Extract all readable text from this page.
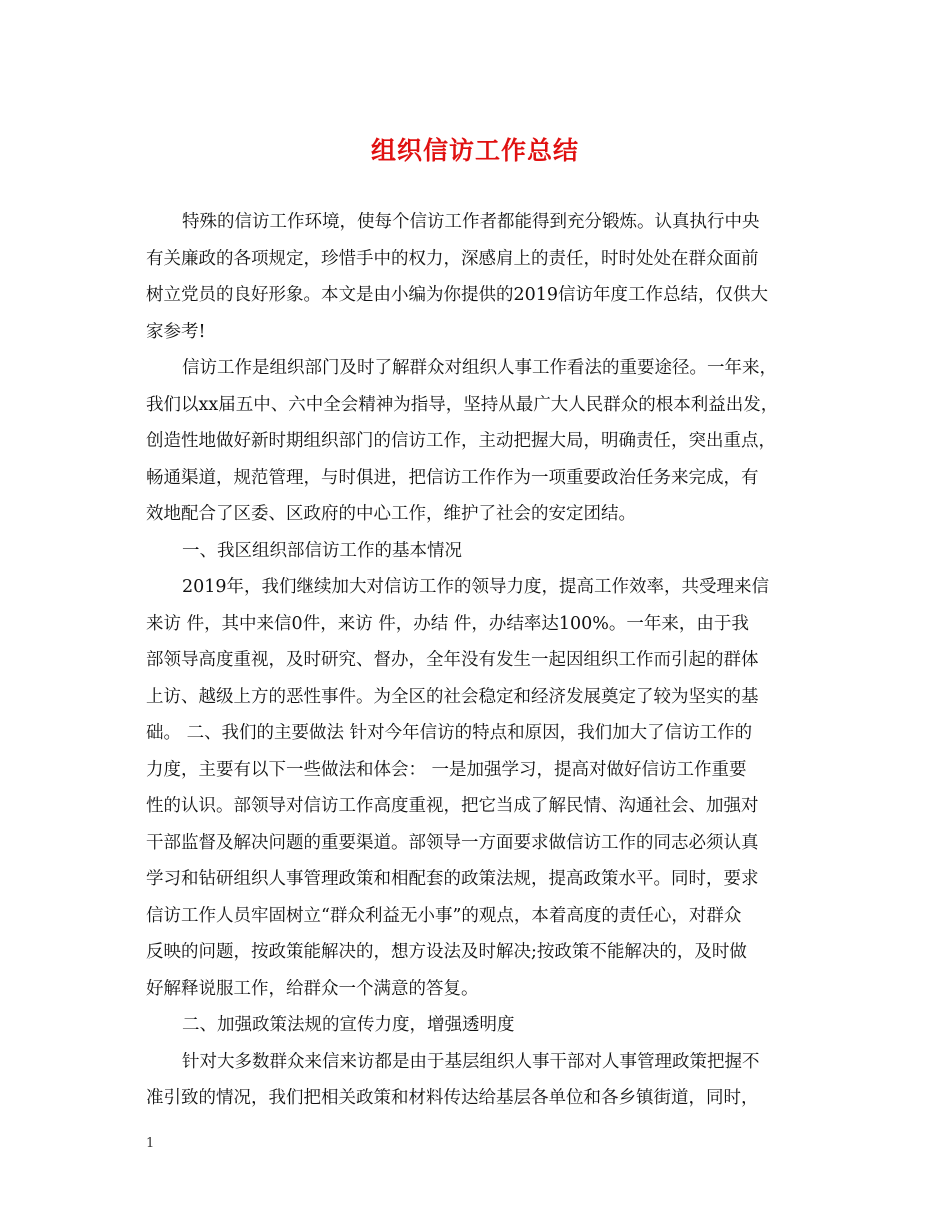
组织信访工作总结
特殊的信访工作环境，使每个信访工作者都能得到充分锻炼。认真执行中央
有关廉政的各项规定，珍惜手中的权力，深感肩上的责任，时时处处在群众面前
树立党员的良好形象。本文是由小编为你提供的2019信访年度工作总结，仅供大
家参考!
信访工作是组织部门及时了解群众对组织人事工作看法的重要途径。一年来，
我们以xx届五中、六中全会精神为指导，坚持从最广大人民群众的根本利益出发，
创造性地做好新时期组织部门的信访工作，主动把握大局，明确责任，突出重点，
畅通渠道，规范管理，与时俱进，把信访工作作为一项重要政治任务来完成，有
效地配合了区委、区政府的中心工作，维护了社会的安定团结。
一、我区组织部信访工作的基本情况
2019年，我们继续加大对信访工作的领导力度，提高工作效率，共受理来信
来访 件，其中来信0件，来访 件，办结 件，办结率达100%。一年来，由于我
部领导高度重视，及时研究、督办，全年没有发生一起因组织工作而引起的群体
上访、越级上方的恶性事件。为全区的社会稳定和经济发展奠定了较为坚实的基
础。 二、我们的主要做法 针对今年信访的特点和原因，我们加大了信访工作的
力度，主要有以下一些做法和体会： 一是加强学习，提高对做好信访工作重要
性的认识。部领导对信访工作高度重视，把它当成了解民情、沟通社会、加强对
干部监督及解决问题的重要渠道。部领导一方面要求做信访工作的同志必须认真
学习和钻研组织人事管理政策和相配套的政策法规，提高政策水平。同时，要求
信访工作人员牢固树立“群众利益无小事”的观点，本着高度的责任心，对群众
反映的问题，按政策能解决的，想方设法及时解决;按政策不能解决的，及时做
好解释说服工作，给群众一个满意的答复。
二、加强政策法规的宣传力度，增强透明度
针对大多数群众来信来访都是由于基层组织人事干部对人事管理政策把握不
准引致的情况，我们把相关政策和材料传达给基层各单位和各乡镇街道，同时，
1
